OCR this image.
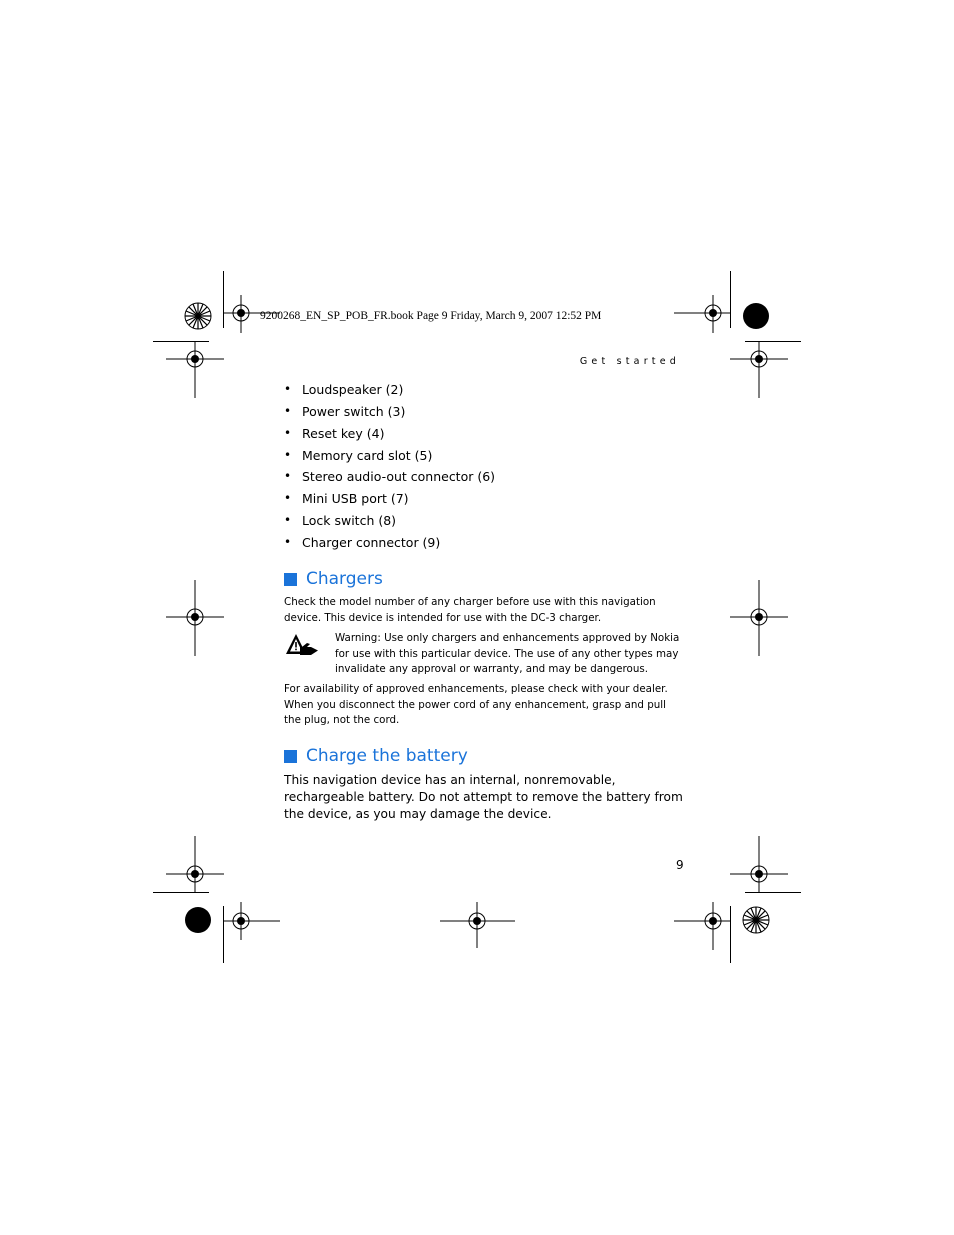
9200268_EN_SP_POB_FR.book Page 9 Friday, March 9, 2007 12:52 PM
Get started
• Loudspeaker (2)
• Power switch (3)
• Reset key (4)
• Memory card slot (5)
• Stereo audio-out connector (6)
• Mini USB port (7)
• Lock switch (8)
• Charger connector (9)
Chargers

Check the model number of any charger before use with this navigation device. This device is intended for use with the DC-3 charger.

Warning: Use only chargers and enhancements approved by Nokia for use with this particular device. The use of any other types may invalidate any approval or warranty, and may be dangerous.

For availability of approved enhancements, please check with your dealer. When you disconnect the power cord of any enhancement, grasp and pull the plug, not the cord.

Charge the battery

This navigation device has an internal, nonremovable, rechargeable battery. Do not attempt to remove the battery from the device, as you may damage the device.

9
